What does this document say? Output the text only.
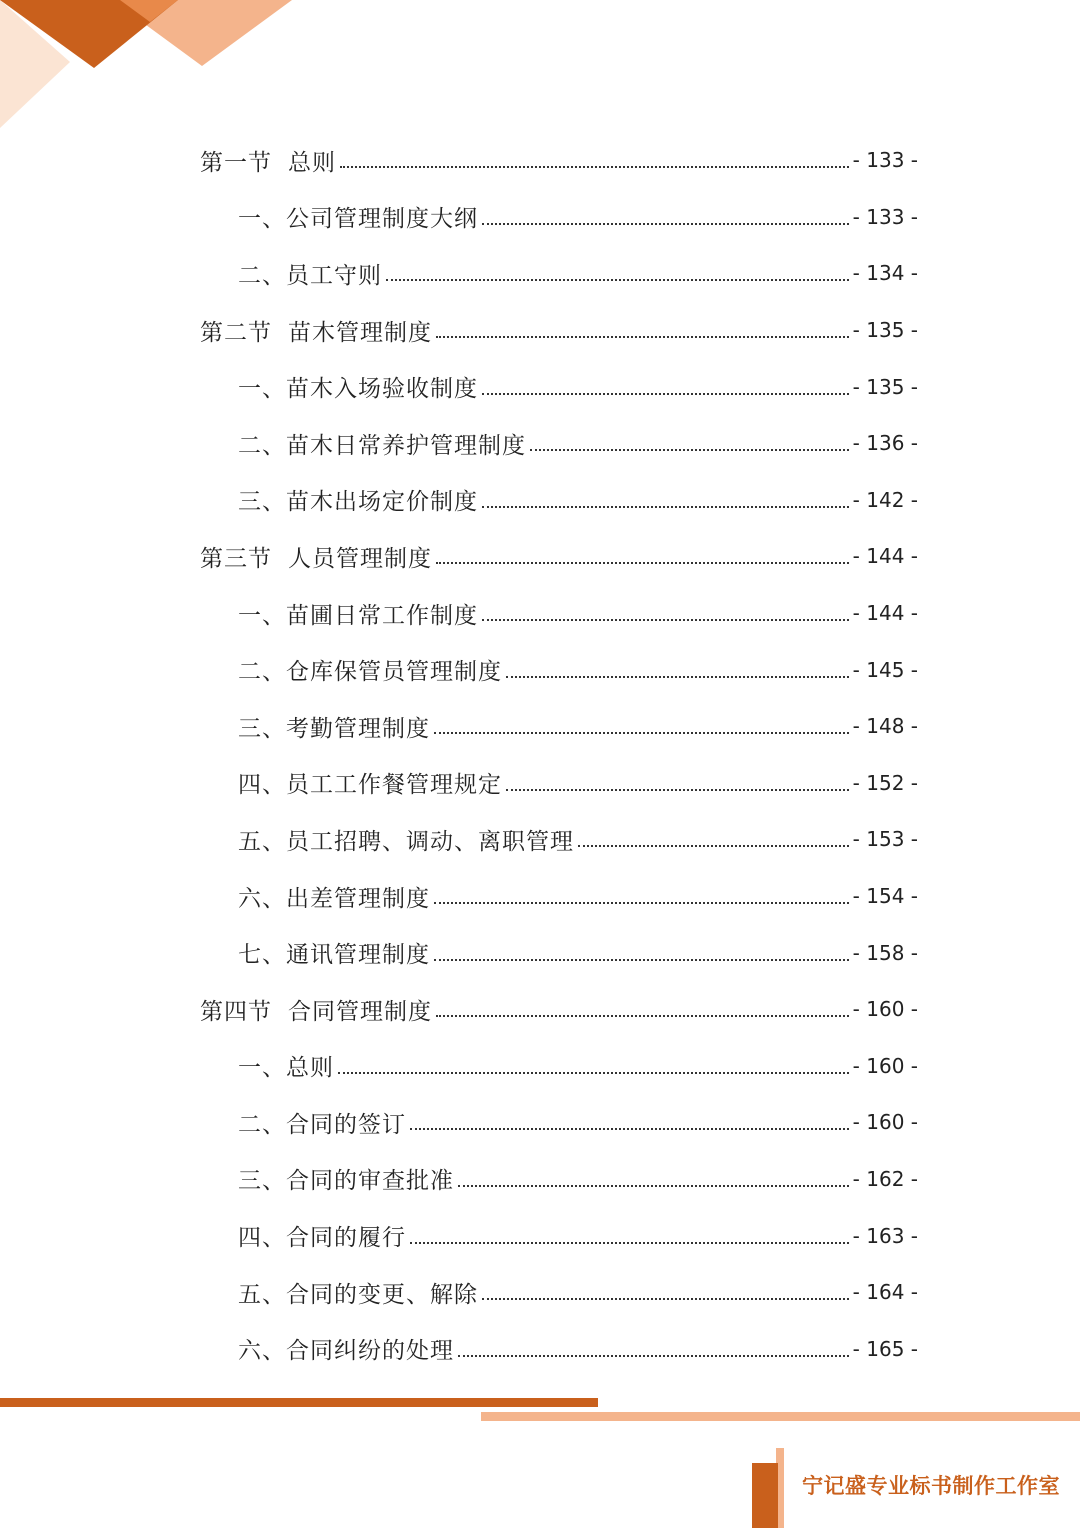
第一节 总则	- 133 -
一、公司管理制度大纲	- 133 -
二、员工守则	- 134 -
第二节 苗木管理制度	- 135 -
一、苗木入场验收制度	- 135 -
二、苗木日常养护管理制度	- 136 -
三、苗木出场定价制度	- 142 -
第三节 人员管理制度	- 144 -
一、苗圃日常工作制度	- 144 -
二、仓库保管员管理制度	- 145 -
三、考勤管理制度	- 148 -
四、员工工作餐管理规定	- 152 -
五、员工招聘、调动、离职管理	- 153 -
六、出差管理制度	- 154 -
七、通讯管理制度	- 158 -
第四节 合同管理制度	- 160 -
一、总则	- 160 -
二、合同的签订	- 160 -
三、合同的审查批准	- 162 -
四、合同的履行	- 163 -
五、合同的变更、解除	- 164 -
六、合同纠纷的处理	- 165 -
宁记盛专业标书制作工作室
